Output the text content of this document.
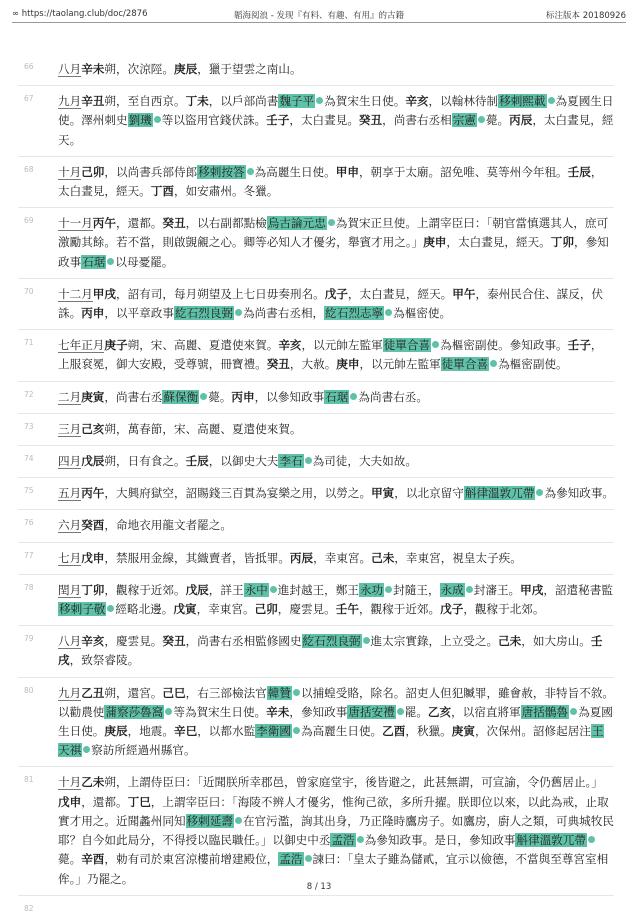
∞ https://taolang.club/doc/2876	韜海阅浪 - 发现『有料、有趣、有用』的古籍	标注版本 20180926
66	八月辛未朔，次涼陘。庚辰，獵于望雲之南山。
67	九月辛丑朔，至自西京。丁未，以戶部尚書魏子平 為賀宋生日使。辛亥，以翰林待制移剌熙載 為夏國生日使。澤州刺史劉璣 等以盜用官錢伏誅。壬子，太白晝見。癸丑，尚書右丞相宗憲 薨。丙辰，太白晝見，經天。
68	十月己卯，以尚書兵部侍郎移剌按答 為高麗生日使。甲申，朝享于太廟。詔免唯、莫等州今年租。壬辰，太白晝見，經天。丁酉，如安肅州。冬獵。
69	十一月丙午，還都。癸丑，以右副都點檢烏古論元忠 為賀宋正旦使。上謂宰臣曰：「朝官當慎選其人，庶可激勵其餘。若不當，則啟覬覦之心。卿等必知人才優劣，舉賓才用之。」庚申，太白晝見，經天。丁卯，參知政事石琚 以母憂罷。
70	十二月甲戌，詔有司，每月朔望及上七日毋奏刑名。戊子，太白晝見，經天。甲午，泰州民合住、謀反，伏誅。丙申，以平章政事紇石烈良弼 為尚書右丞相，紇石烈志寧 為樞密使。
71	七年正月庚子朔，宋、高麗、夏遣使來賀。辛亥，以元帥左監軍徒單合喜 為樞密副使。參知政事。壬子，上服袞冕，御大安殿，受尊號，冊寶禮。癸丑，大赦。庚申，以元帥左監軍徒單合喜 為樞密副使。
72	二月庚寅，尚書右丞蘇保衡 薨。丙申，以參知政事石琚 為尚書右丞。
73	三月己亥朔，萬春節，宋、高麗、夏遣使來賀。
74	四月戊辰朔，日有食之。壬辰，以御史大夫李石 為司徒，大夫如故。
75	五月丙午，大興府獄空，詔賜錢三百貫為宴樂之用，以勞之。甲寅，以北京留守斛律溫敦兀帶 為參知政事。
76	六月癸酉，命地衣用龍文者罷之。
77	七月戊申，禁服用金線，其織賣者，皆抵罪。丙辰，幸東宮。己未，幸東宮，視皇太子疾。
78	閏月丁卯，觀稼于近郊。戊辰，詳王永中 進封越王，鄭王永功 封隨王，永成 封瀋王。甲戌，詔遣秘書監移剌子敬 經略北邊。戊寅，幸東宮。己卯，慶雲見。壬午，觀稼于近郊。戊子，觀稼于北郊。
79	八月辛亥，慶雲見。癸丑，尚書右丞相監修國史紇石烈良弼 進太宗實錄，上立受之。己未，如大房山。壬戌，致祭睿陵。
80	九月乙丑朔，還宮。己巳，右三部檢法官韓贊 以捕蝗受賂，除名。詔吏人但犯贓罪，雖會赦，非特旨不敘。以勸農使蒲察莎魯窩 等為賀宋生日使。辛未，參知政事唐括安禮 罷。乙亥，以宿直將軍唐括鶻魯 為夏國生日使。庚辰，地震。辛巳，以都水監李衛國 為高麗生日使。乙酉，秋獵。庚寅，次保州。詔修起居注王天祺 察訪所經過州縣官。
81	十月乙未朔，上謂侍臣曰：「近聞朕所幸郡邑，曾家庭堂宇，後皆避之，此甚無謂，可宣諭，令仍舊居止。」戊申，還都。丁巳，上謂宰臣曰：「海陵不辨人才優劣，惟徇己欲，多所升擢。朕即位以來，以此為戒，止取實才用之。近聞蠡州同知移剌延壽 在官污濫，詢其出身，乃正隆時鷹房子。如鷹房，廚人之類，可典城牧民耶？自今如此局分，不得授以臨民職任。」以御史中丞孟浩 為參知政事。是日，參知政事斛律溫敦兀帶薨。辛酉，勅有司於東宮涼樓前增建殿位，孟浩 諫曰：「皇太子雖為儲貳，宜示以儉德，不當與至尊宮室相侔。」乃罷之。
82
8 / 13
